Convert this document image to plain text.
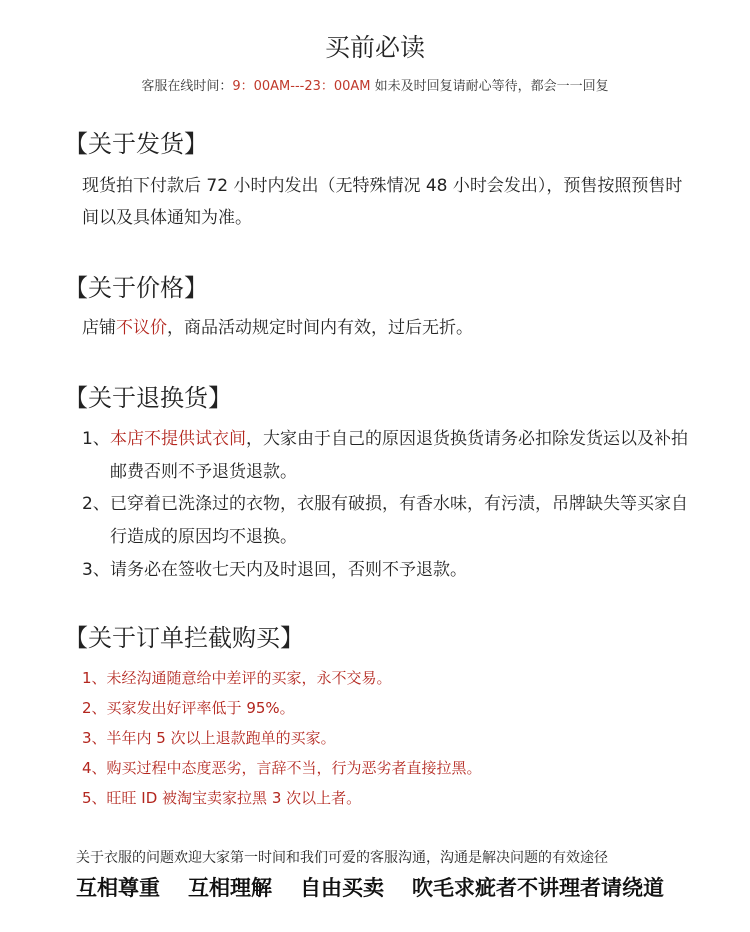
买前必读
客服在线时间：9：00AM---23：00AM 如未及时回复请耐心等待，都会一一回复
【关于发货】
现货拍下付款后 72 小时内发出（无特殊情况 48 小时会发出），预售按照预售时间以及具体通知为准。
【关于价格】
店铺不议价，商品活动规定时间内有效，过后无折。
【关于退换货】
1、 本店不提供试衣间，大家由于自己的原因退货换货请务必扣除发货运以及补拍邮费否则不予退货退款。
2、 已穿着已洗涤过的衣物，衣服有破损，有香水味，有污渍，吊牌缺失等买家自行造成的原因均不退换。
3、 请务必在签收七天内及时退回，否则不予退款。
【关于订单拦截购买】
1、未经沟通随意给中差评的买家，永不交易。
2、买家发出好评率低于 95%。
3、半年内 5 次以上退款跑单的买家。
4、购买过程中态度恶劣，言辞不当，行为恶劣者直接拉黑。
5、旺旺 ID 被淘宝卖家拉黑 3 次以上者。
关于衣服的问题欢迎大家第一时间和我们可爱的客服沟通，沟通是解决问题的有效途径
互相尊重 互相理解 自由买卖 吹毛求疵者不讲理者请绕道
